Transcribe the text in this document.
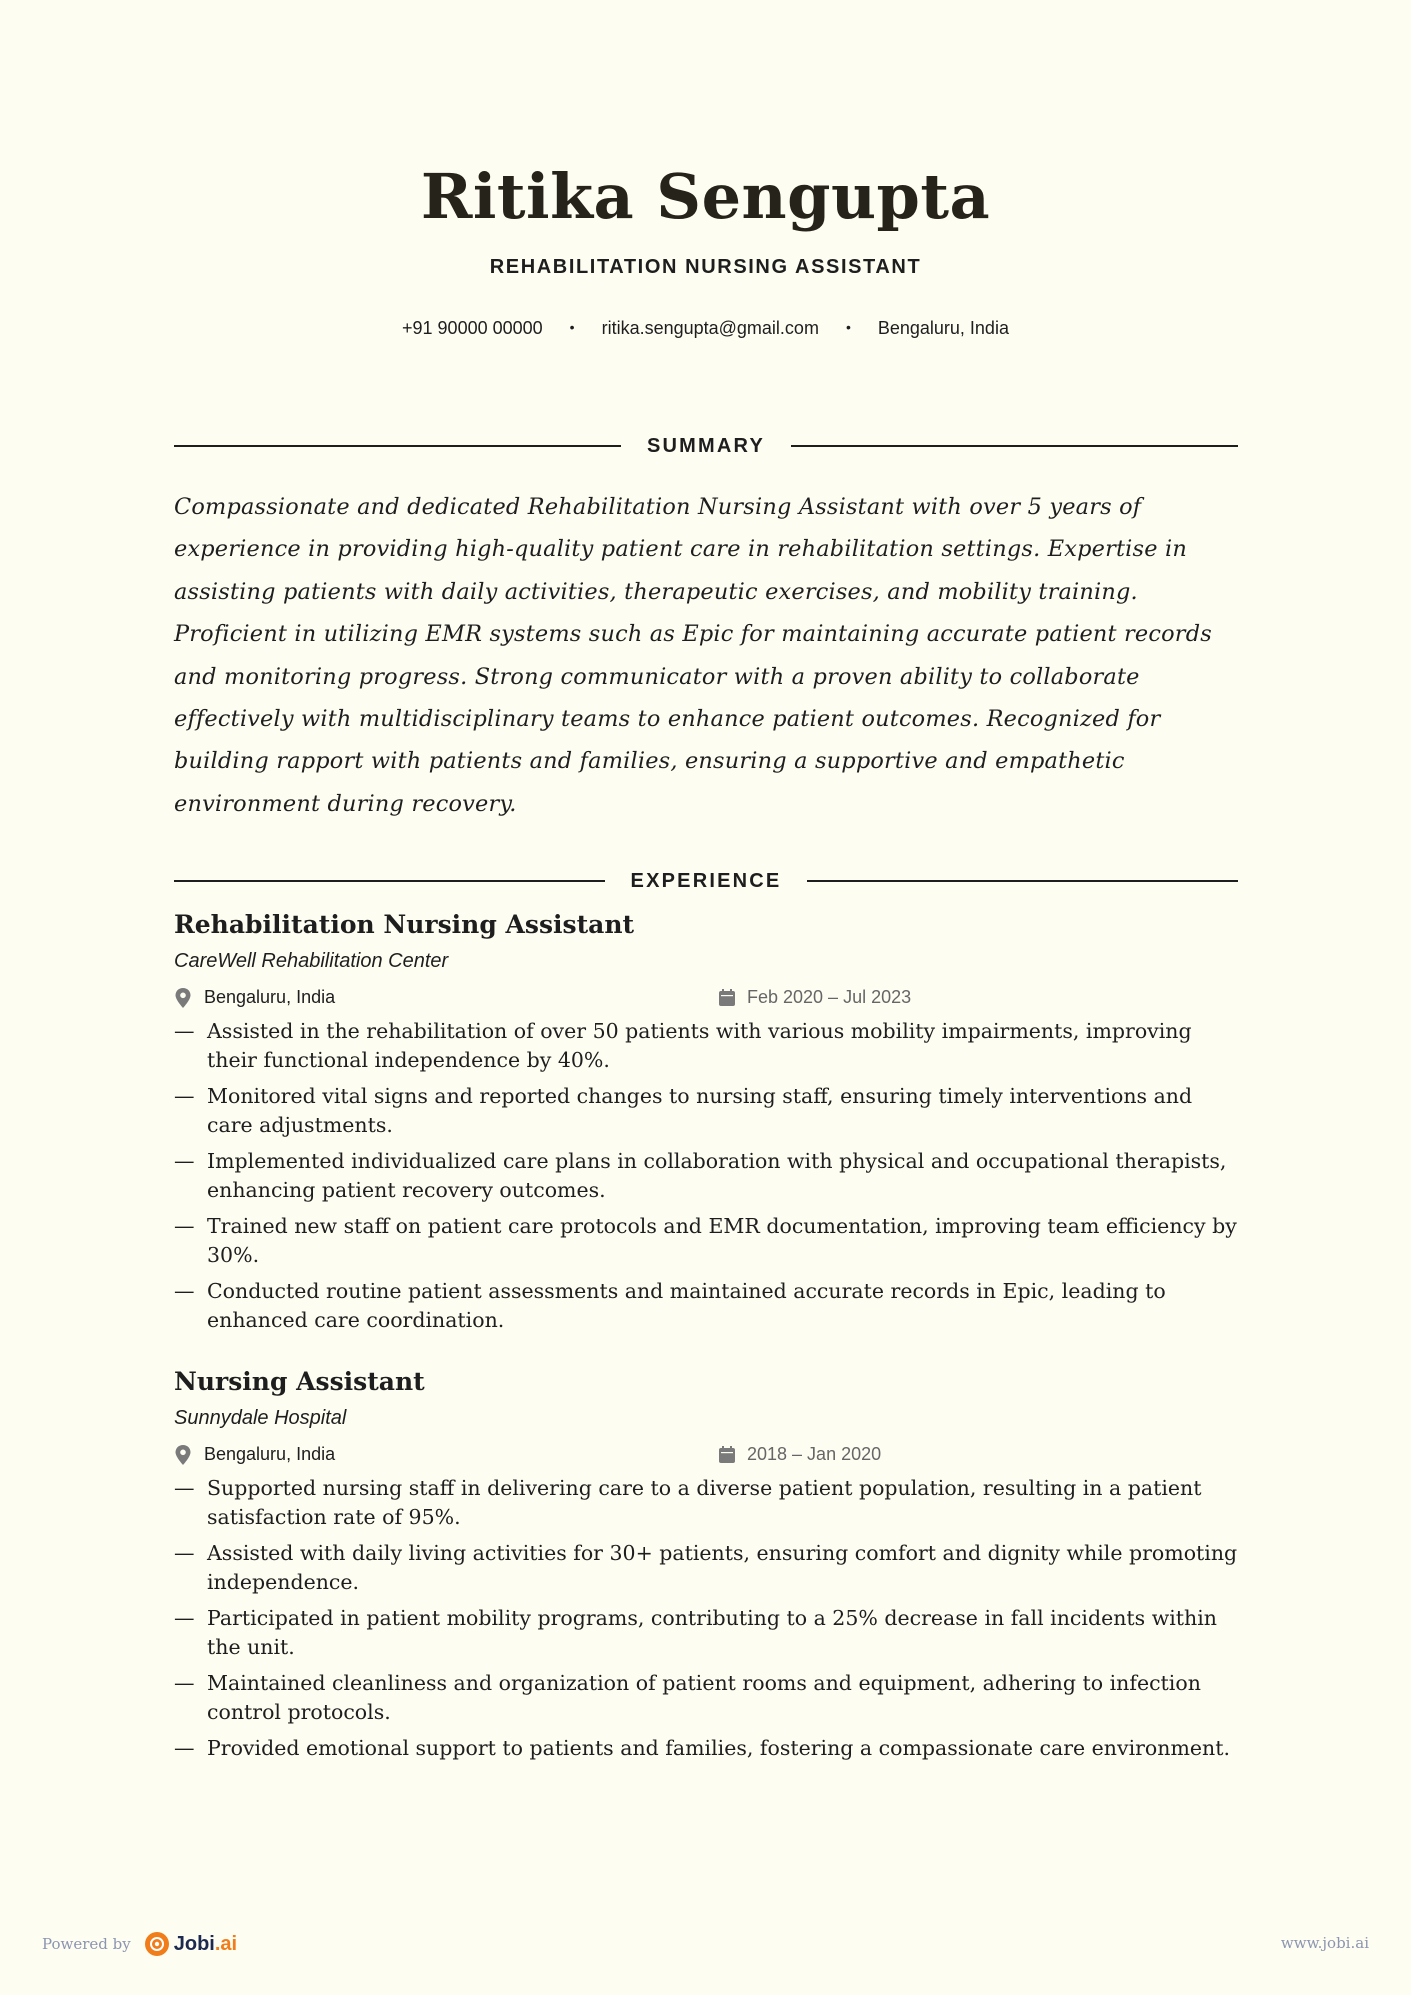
Ritika Sengupta
REHABILITATION NURSING ASSISTANT
+91 90000 00000 • ritika.sengupta@gmail.com • Bengaluru, India
SUMMARY
Compassionate and dedicated Rehabilitation Nursing Assistant with over 5 years of experience in providing high-quality patient care in rehabilitation settings. Expertise in assisting patients with daily activities, therapeutic exercises, and mobility training. Proficient in utilizing EMR systems such as Epic for maintaining accurate patient records and monitoring progress. Strong communicator with a proven ability to collaborate effectively with multidisciplinary teams to enhance patient outcomes. Recognized for building rapport with patients and families, ensuring a supportive and empathetic environment during recovery.
EXPERIENCE
Rehabilitation Nursing Assistant
CareWell Rehabilitation Center
Bengaluru, India	Feb 2020 – Jul 2023
— Assisted in the rehabilitation of over 50 patients with various mobility impairments, improving their functional independence by 40%.
— Monitored vital signs and reported changes to nursing staff, ensuring timely interventions and care adjustments.
— Implemented individualized care plans in collaboration with physical and occupational therapists, enhancing patient recovery outcomes.
— Trained new staff on patient care protocols and EMR documentation, improving team efficiency by 30%.
— Conducted routine patient assessments and maintained accurate records in Epic, leading to enhanced care coordination.
Nursing Assistant
Sunnydale Hospital
Bengaluru, India	2018 – Jan 2020
— Supported nursing staff in delivering care to a diverse patient population, resulting in a patient satisfaction rate of 95%.
— Assisted with daily living activities for 30+ patients, ensuring comfort and dignity while promoting independence.
— Participated in patient mobility programs, contributing to a 25% decrease in fall incidents within the unit.
— Maintained cleanliness and organization of patient rooms and equipment, adhering to infection control protocols.
— Provided emotional support to patients and families, fostering a compassionate care environment.
Powered by Jobi.ai	www.jobi.ai
